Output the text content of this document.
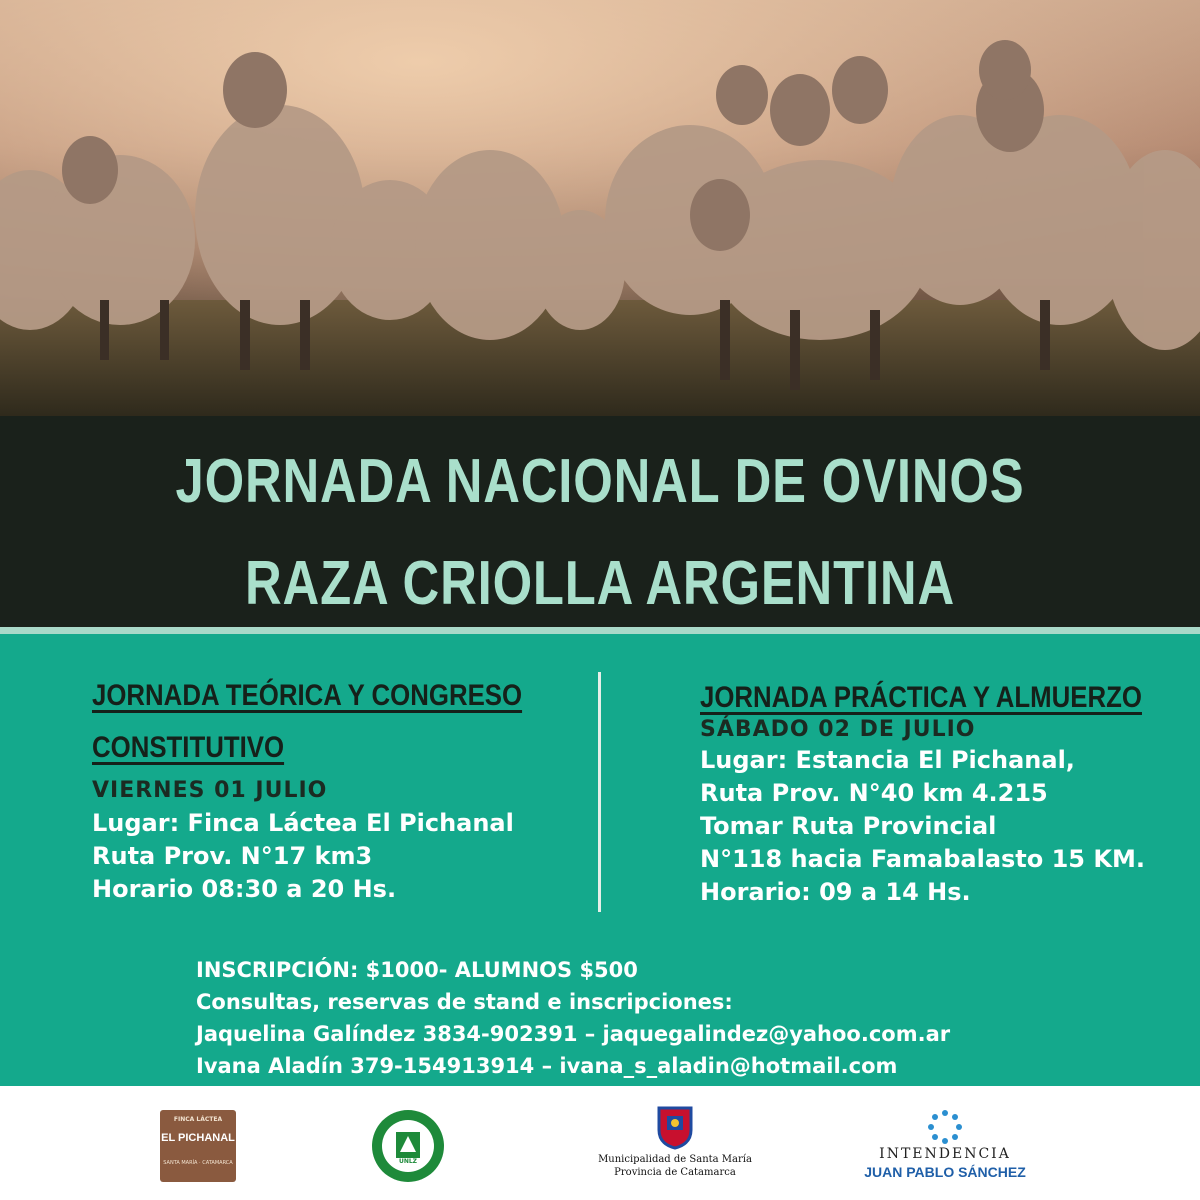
JORNADA NACIONAL DE OVINOS
RAZA CRIOLLA ARGENTINA
JORNADA TEÓRICA Y CONGRESO
CONSTITUTIVO
VIERNES 01 JULIO
Lugar: Finca Láctea El Pichanal
Ruta Prov. N°17 km3
Horario 08:30 a 20 Hs.
JORNADA PRÁCTICA Y ALMUERZO
SÁBADO 02 DE JULIO
Lugar: Estancia El Pichanal,
Ruta Prov. N°40 km 4.215
Tomar Ruta Provincial
N°118 hacia Famabalasto 15 KM.
Horario: 09 a 14 Hs.
INSCRIPCIÓN: $1000- ALUMNOS $500
Consultas, reservas de stand e inscripciones:
Jaquelina Galíndez 3834-902391 – jaquegalindez@yahoo.com.ar
Ivana Aladín 379-154913914 – ivana_s_aladin@hotmail.com
FINCA LÁCTEA
EL PICHANAL
SANTA MARÍA · CATAMARCA	UNLZ	Municipalidad de Santa María
Provincia de Catamarca
INTENDENCIA
JUAN PABLO SÁNCHEZ
